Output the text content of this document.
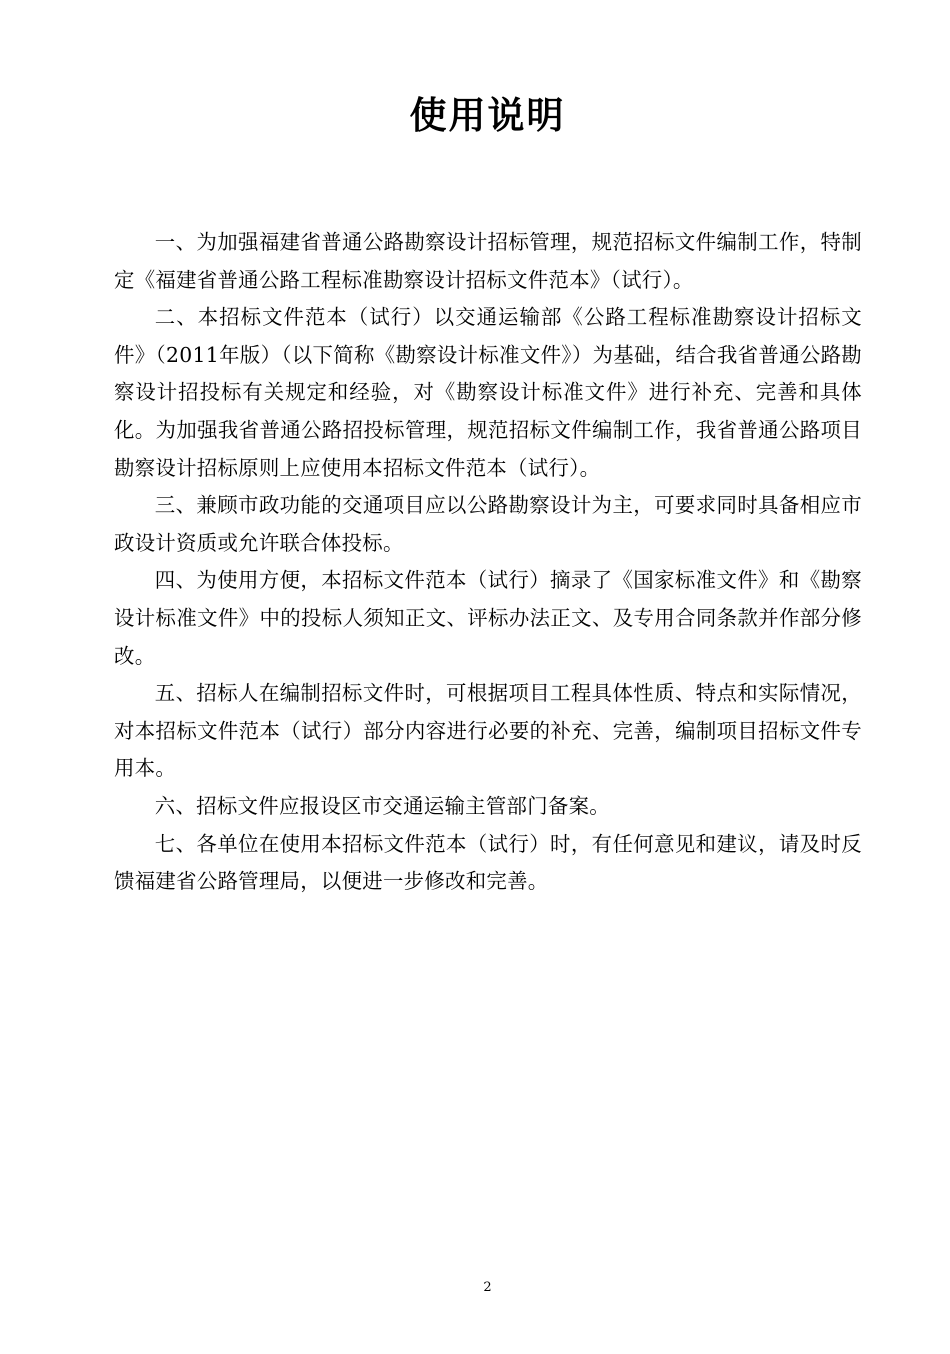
使用说明

一、为加强福建省普通公路勘察设计招标管理，规范招标文件编制工作，特制定《福建省普通公路工程标准勘察设计招标文件范本》（试行）。

二、本招标文件范本（试行）以交通运输部《公路工程标准勘察设计招标文件》（2011年版）（以下简称《勘察设计标准文件》）为基础，结合我省普通公路勘察设计招投标有关规定和经验，对《勘察设计标准文件》进行补充、完善和具体化。为加强我省普通公路招投标管理，规范招标文件编制工作，我省普通公路项目勘察设计招标原则上应使用本招标文件范本（试行）。

三、兼顾市政功能的交通项目应以公路勘察设计为主，可要求同时具备相应市政设计资质或允许联合体投标。

四、为使用方便，本招标文件范本（试行）摘录了《国家标准文件》和《勘察设计标准文件》中的投标人须知正文、评标办法正文、及专用合同条款并作部分修改。

五、招标人在编制招标文件时，可根据项目工程具体性质、特点和实际情况，对本招标文件范本（试行）部分内容进行必要的补充、完善，编制项目招标文件专用本。

六、招标文件应报设区市交通运输主管部门备案。

七、各单位在使用本招标文件范本（试行）时，有任何意见和建议，请及时反馈福建省公路管理局，以便进一步修改和完善。

2
